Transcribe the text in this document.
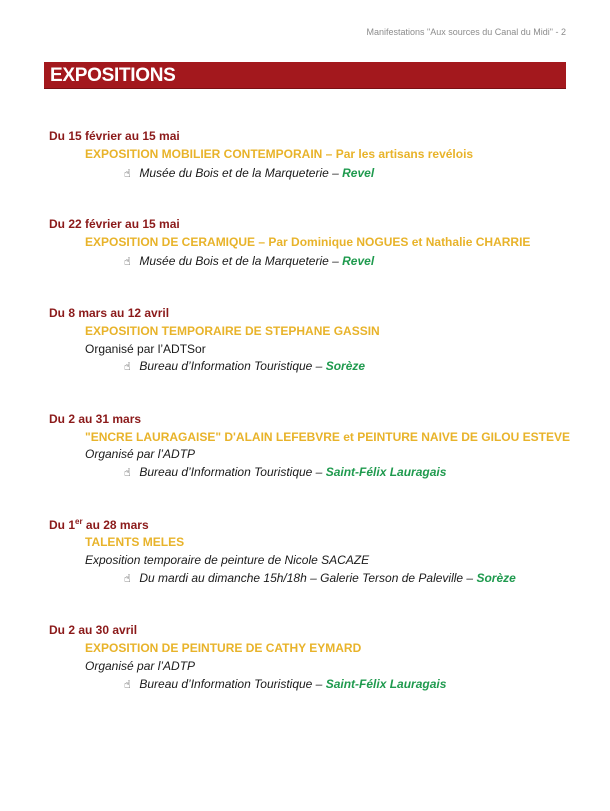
Manifestations "Aux sources du Canal du Midi" - 2
EXPOSITIONS
Du 15 février au 15 mai
EXPOSITION MOBILIER CONTEMPORAIN – Par les artisans revélois
☝ Musée du Bois et de la Marqueterie – Revel
Du 22 février au 15 mai
EXPOSITION DE CERAMIQUE – Par Dominique NOGUES et Nathalie CHARRIE
☝ Musée du Bois et de la Marqueterie – Revel
Du 8 mars au 12 avril
EXPOSITION TEMPORAIRE DE STEPHANE GASSIN
Organisé par l’ADTSor
☝ Bureau d’Information Touristique – Sorèze
Du 2 au 31 mars
"ENCRE LAURAGAISE" D'ALAIN LEFEBVRE et PEINTURE NAIVE DE GILOU ESTEVE
Organisé par l’ADTP
☝ Bureau d’Information Touristique – Saint-Félix Lauragais
Du 1er au 28 mars
TALENTS MELES
Exposition temporaire de peinture de Nicole SACAZE
☝ Du mardi au dimanche 15h/18h – Galerie Terson de Paleville – Sorèze
Du 2 au 30 avril
EXPOSITION DE PEINTURE DE CATHY EYMARD
Organisé par l’ADTP
☝ Bureau d’Information Touristique – Saint-Félix Lauragais
